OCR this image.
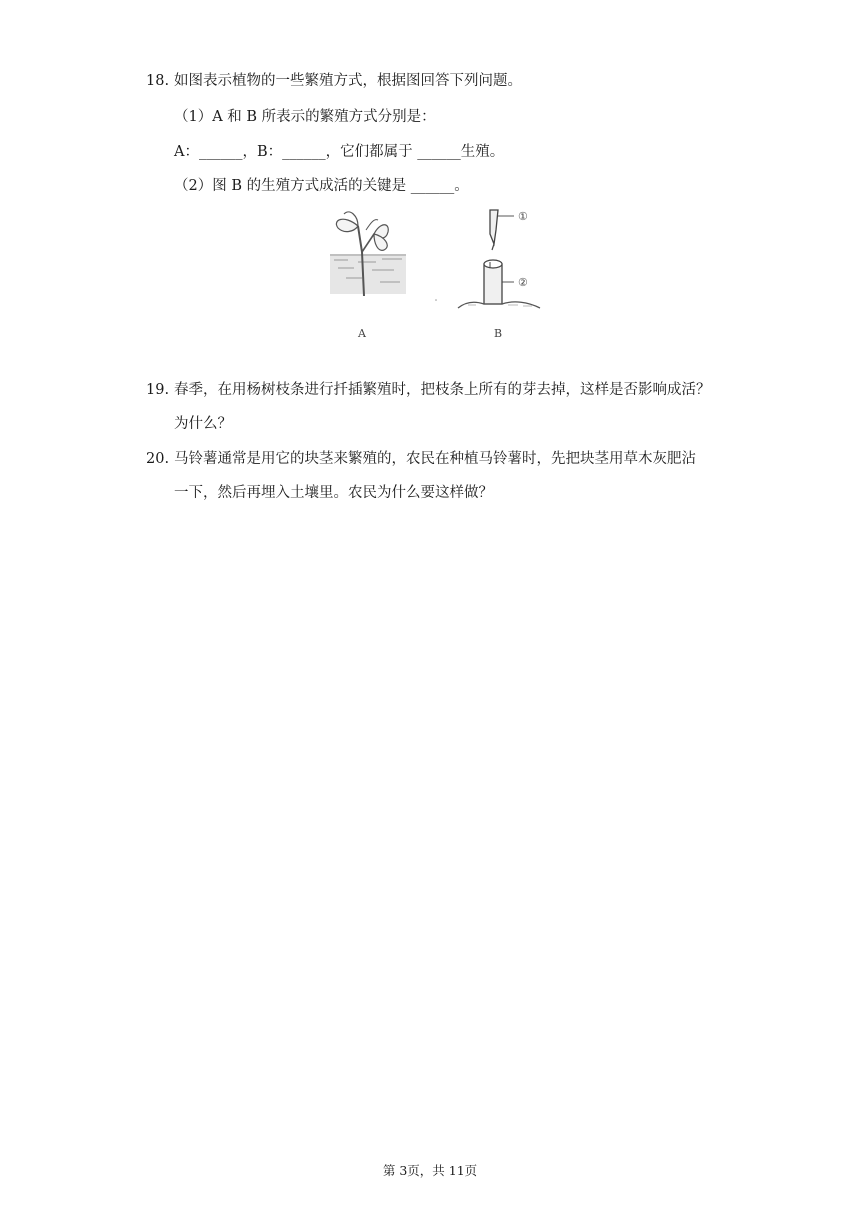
18. 如图表示植物的一些繁殖方式，根据图回答下列问题。
（1）A 和 B 所表示的繁殖方式分别是：
A：______，B：______，它们都属于 ______生殖。
（2）图 B 的生殖方式成活的关键是 ______。
A
①
②
B
19. 春季，在用杨树枝条进行扦插繁殖时，把枝条上所有的芽去掉，这样是否影响成活？
为什么？
20. 马铃薯通常是用它的块茎来繁殖的，农民在种植马铃薯时，先把块茎用草木灰肥沾
一下，然后再埋入土壤里。农民为什么要这样做？
第 3页，共 11页
